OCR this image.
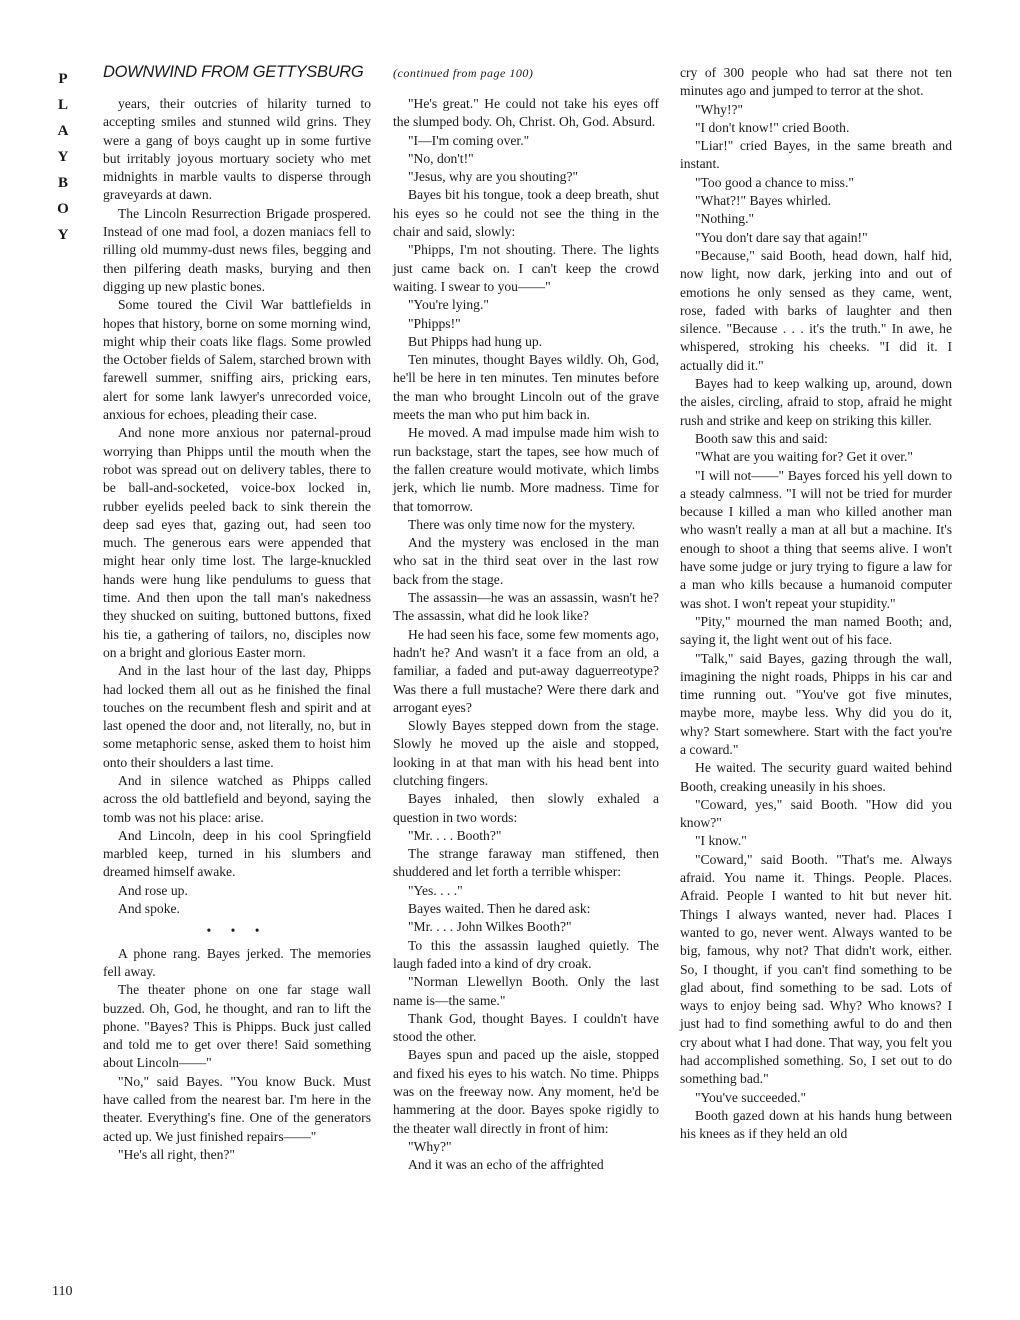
P
L
A
Y
B
O
Y
DOWNWIND FROM GETTYSBURG (continued from page 100)

years, their outcries of hilarity turned to accepting smiles and stunned wild grins. They were a gang of boys caught up in some furtive but irritably joyous mortuary society who met midnights in marble vaults to disperse through graveyards at dawn.

The Lincoln Resurrection Brigade prospered. Instead of one mad fool, a dozen maniacs fell to rilling old mummy-dust news files, begging and then pilfering death masks, burying and then digging up new plastic bones.

Some toured the Civil War battlefields in hopes that history, borne on some morning wind, might whip their coats like flags. Some prowled the October fields of Salem, starched brown with farewell summer, sniffing airs, pricking ears, alert for some lank lawyer's unrecorded voice, anxious for echoes, pleading their case.

And none more anxious nor paternal-proud worrying than Phipps until the mouth when the robot was spread out on delivery tables, there to be ball-and-socketed, voice-box locked in, rubber eyelids peeled back to sink therein the deep sad eyes that, gazing out, had seen too much. The generous ears were appended that might hear only time lost. The large-knuckled hands were hung like pendulums to guess that time. And then upon the tall man's nakedness they shucked on suiting, buttoned buttons, fixed his tie, a gathering of tailors, no, disciples now on a bright and glorious Easter morn.

And in the last hour of the last day, Phipps had locked them all out as he finished the final touches on the recumbent flesh and spirit and at last opened the door and, not literally, no, but in some metaphoric sense, asked them to hoist him onto their shoulders a last time.

And in silence watched as Phipps called across the old battlefield and beyond, saying the tomb was not his place: arise.

And Lincoln, deep in his cool Springfield marbled keep, turned in his slumbers and dreamed himself awake.

And rose up.

And spoke.

• • •

A phone rang. Bayes jerked. The memories fell away.

The theater phone on one far stage wall buzzed. Oh, God, he thought, and ran to lift the phone. "Bayes? This is Phipps. Buck just called and told me to get over there! Said something about Lincoln——"

"No," said Bayes. "You know Buck. Must have called from the nearest bar. I'm here in the theater. Everything's fine. One of the generators acted up. We just finished repairs——"

"He's all right, then?"

"He's great." He could not take his eyes off the slumped body. Oh, Christ. Oh, God. Absurd.

"I—I'm coming over."

"No, don't!"

"Jesus, why are you shouting?"

Bayes bit his tongue, took a deep breath, shut his eyes so he could not see the thing in the chair and said, slowly:

"Phipps, I'm not shouting. There. The lights just came back on. I can't keep the crowd waiting. I swear to you——"

"You're lying."

"Phipps!"

But Phipps had hung up.

Ten minutes, thought Bayes wildly. Oh, God, he'll be here in ten minutes. Ten minutes before the man who brought Lincoln out of the grave meets the man who put him back in.

He moved. A mad impulse made him wish to run backstage, start the tapes, see how much of the fallen creature would motivate, which limbs jerk, which lie numb. More madness. Time for that tomorrow.

There was only time now for the mystery.

And the mystery was enclosed in the man who sat in the third seat over in the last row back from the stage.

The assassin—he was an assassin, wasn't he? The assassin, what did he look like?

He had seen his face, some few moments ago, hadn't he? And wasn't it a face from an old, a familiar, a faded and put-away daguerreotype? Was there a full mustache? Were there dark and arrogant eyes?

Slowly Bayes stepped down from the stage. Slowly he moved up the aisle and stopped, looking in at that man with his head bent into clutching fingers.

Bayes inhaled, then slowly exhaled a question in two words:

"Mr. . . . Booth?"

The strange faraway man stiffened, then shuddered and let forth a terrible whisper:

"Yes. . . ."

Bayes waited. Then he dared ask:

"Mr. . . . John Wilkes Booth?"

To this the assassin laughed quietly. The laugh faded into a kind of dry croak.

"Norman Llewellyn Booth. Only the last name is—the same."

Thank God, thought Bayes. I couldn't have stood the other.

Bayes spun and paced up the aisle, stopped and fixed his eyes to his watch. No time. Phipps was on the freeway now. Any moment, he'd be hammering at the door. Bayes spoke rigidly to the theater wall directly in front of him:

"Why?"

And it was an echo of the affrighted

cry of 300 people who had sat there not ten minutes ago and jumped to terror at the shot.

"Why!?"

"I don't know!" cried Booth.

"Liar!" cried Bayes, in the same breath and instant.

"Too good a chance to miss."

"What?!" Bayes whirled.

"Nothing."

"You don't dare say that again!"

"Because," said Booth, head down, half hid, now light, now dark, jerking into and out of emotions he only sensed as they came, went, rose, faded with barks of laughter and then silence. "Because . . . it's the truth." In awe, he whispered, stroking his cheeks. "I did it. I actually did it."

Bayes had to keep walking up, around, down the aisles, circling, afraid to stop, afraid he might rush and strike and keep on striking this killer.

Booth saw this and said:

"What are you waiting for? Get it over."

"I will not——" Bayes forced his yell down to a steady calmness. "I will not be tried for murder because I killed a man who killed another man who wasn't really a man at all but a machine. It's enough to shoot a thing that seems alive. I won't have some judge or jury trying to figure a law for a man who kills because a humanoid computer was shot. I won't repeat your stupidity."

"Pity," mourned the man named Booth; and, saying it, the light went out of his face.

"Talk," said Bayes, gazing through the wall, imagining the night roads, Phipps in his car and time running out. "You've got five minutes, maybe more, maybe less. Why did you do it, why? Start somewhere. Start with the fact you're a coward."

He waited. The security guard waited behind Booth, creaking uneasily in his shoes.

"Coward, yes," said Booth. "How did you know?"

"I know."

"Coward," said Booth. "That's me. Always afraid. You name it. Things. People. Places. Afraid. People I wanted to hit but never hit. Things I always wanted, never had. Places I wanted to go, never went. Always wanted to be big, famous, why not? That didn't work, either. So, I thought, if you can't find something to be glad about, find something to be sad. Lots of ways to enjoy being sad. Why? Who knows? I just had to find something awful to do and then cry about what I had done. That way, you felt you had accomplished something. So, I set out to do something bad."

"You've succeeded."

Booth gazed down at his hands hung between his knees as if they held an old

110
